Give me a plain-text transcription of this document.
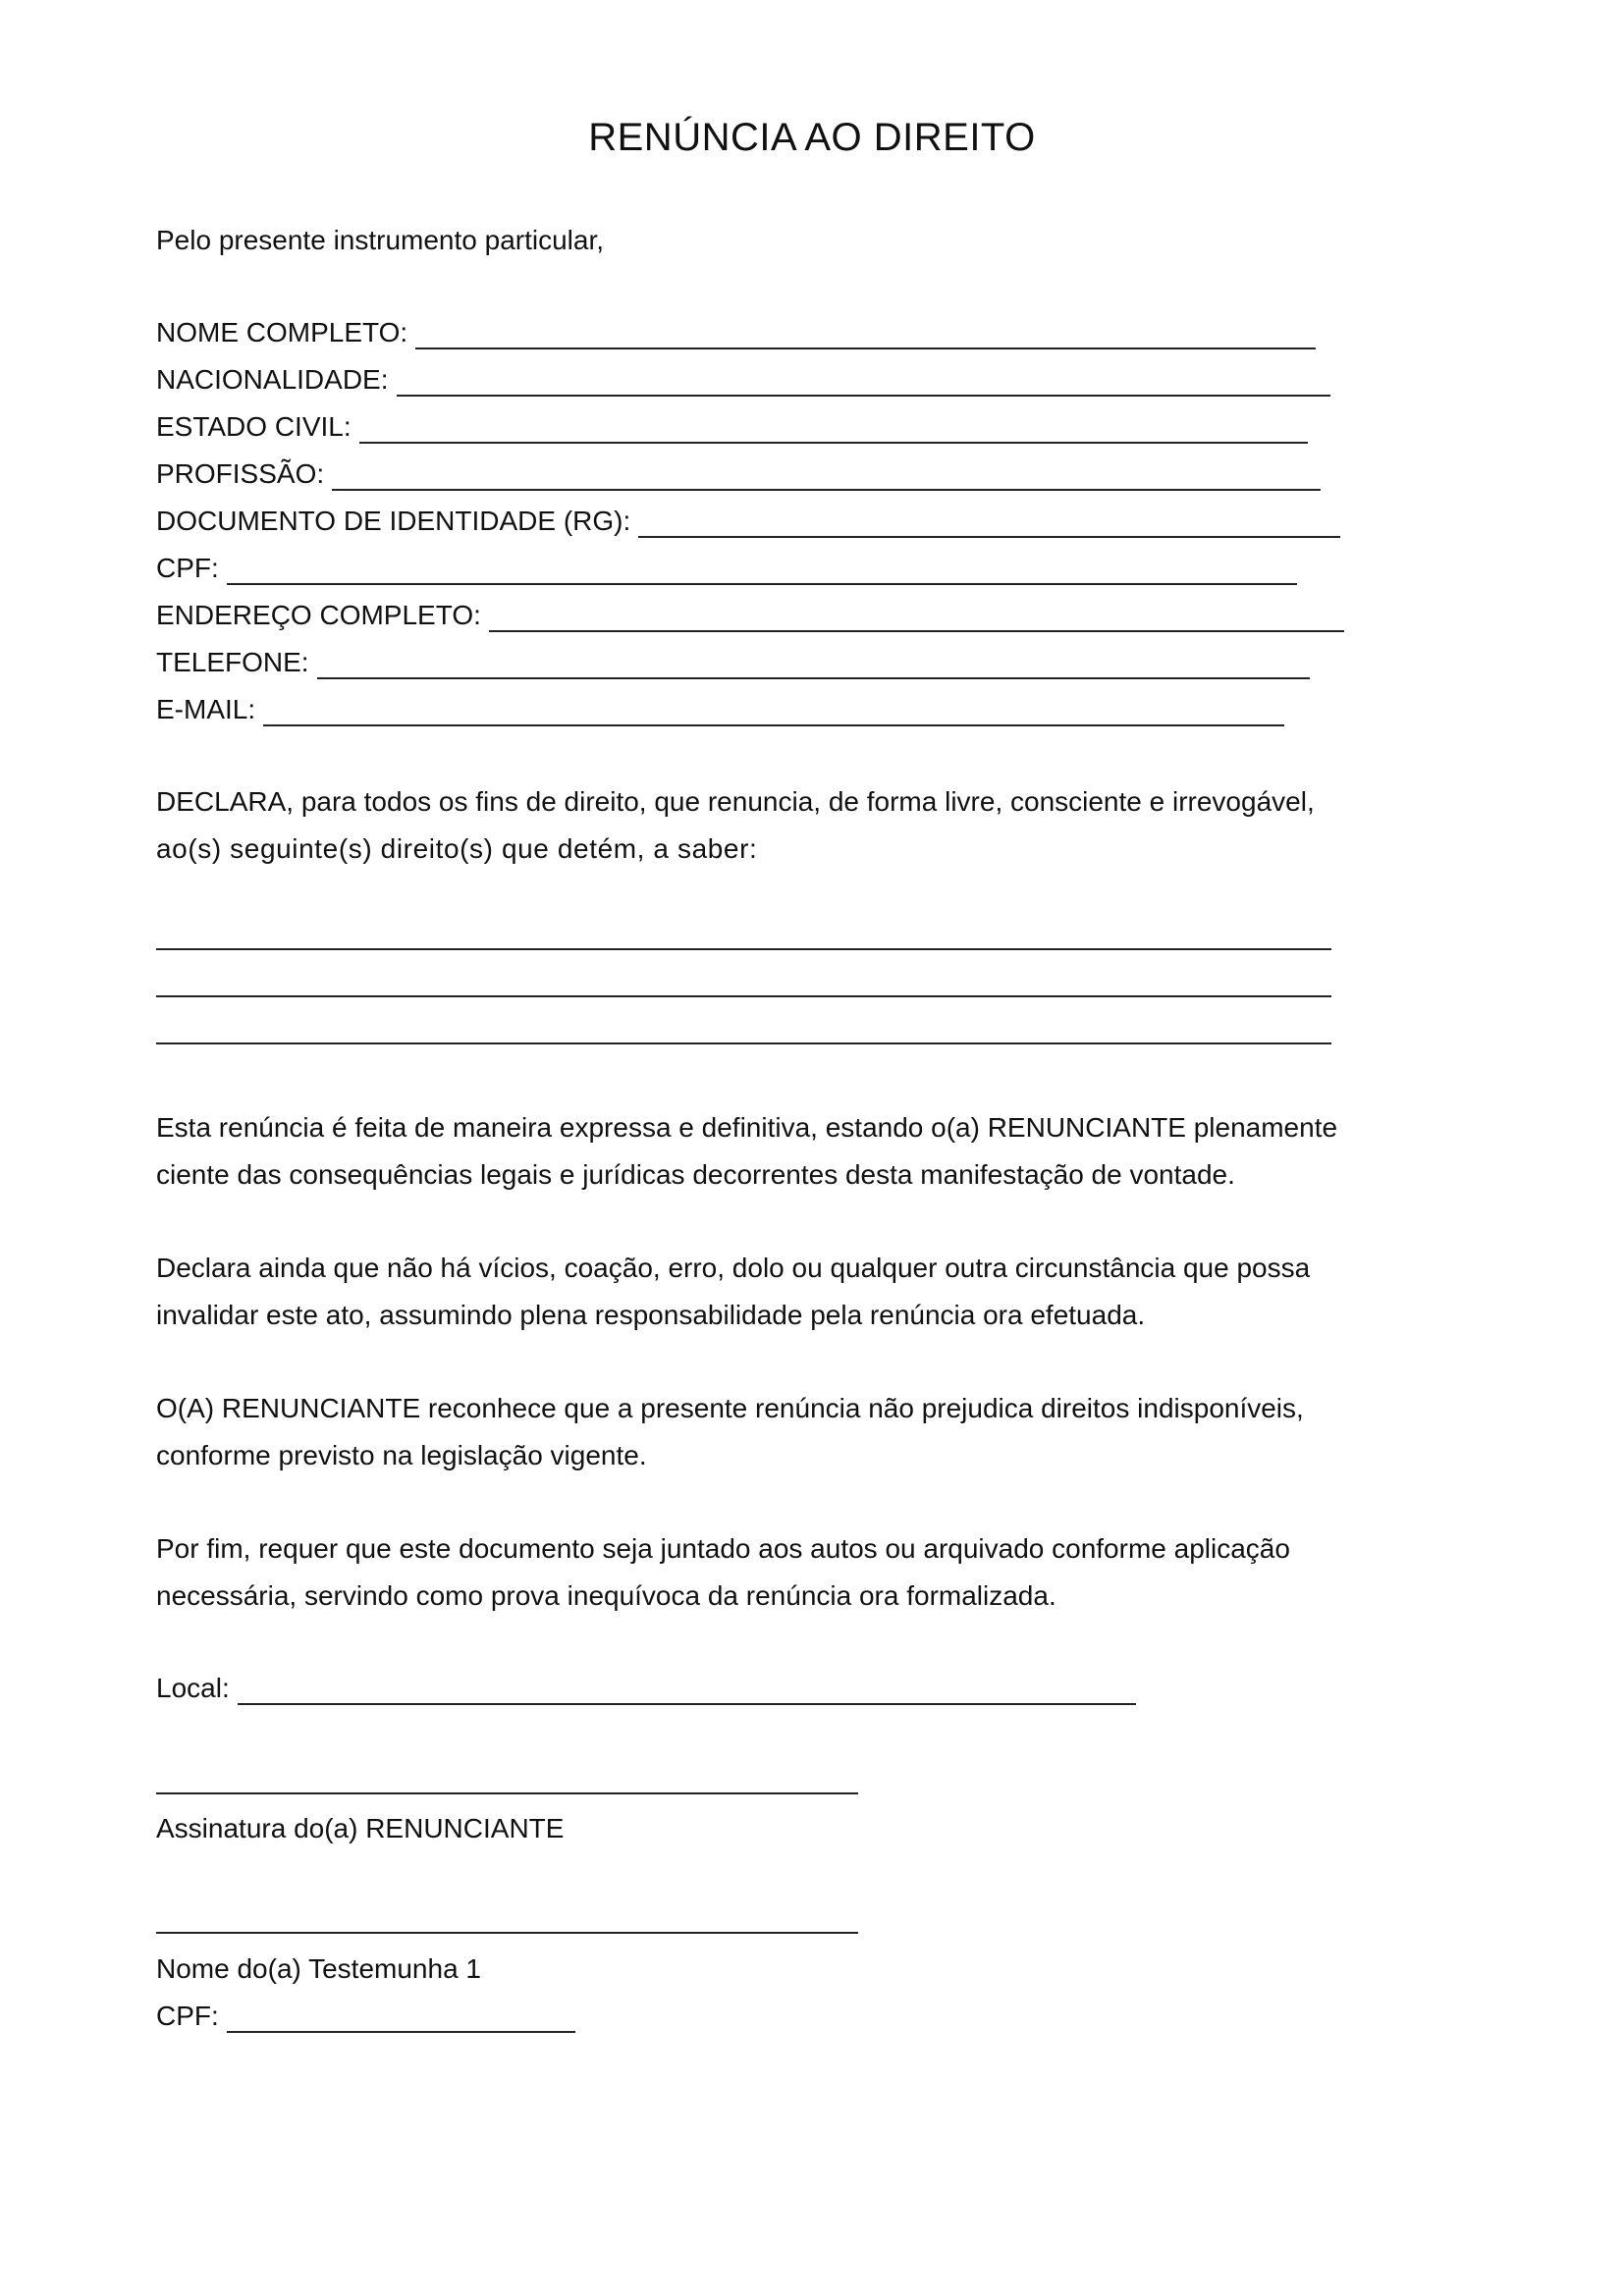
RENÚNCIA AO DIREITO
Pelo presente instrumento particular,
NOME COMPLETO:
NACIONALIDADE:
ESTADO CIVIL:
PROFISSÃO:
DOCUMENTO DE IDENTIDADE (RG):
CPF:
ENDEREÇO COMPLETO:
TELEFONE:
E-MAIL:
DECLARA, para todos os fins de direito, que renuncia, de forma livre, consciente e irrevogável,
ao(s) seguinte(s) direito(s) que detém, a saber:
Esta renúncia é feita de maneira expressa e definitiva, estando o(a) RENUNCIANTE plenamente
ciente das consequências legais e jurídicas decorrentes desta manifestação de vontade.
Declara ainda que não há vícios, coação, erro, dolo ou qualquer outra circunstância que possa
invalidar este ato, assumindo plena responsabilidade pela renúncia ora efetuada.
O(A) RENUNCIANTE reconhece que a presente renúncia não prejudica direitos indisponíveis,
conforme previsto na legislação vigente.
Por fim, requer que este documento seja juntado aos autos ou arquivado conforme aplicação
necessária, servindo como prova inequívoca da renúncia ora formalizada.
Local:
Assinatura do(a) RENUNCIANTE
Nome do(a) Testemunha 1
CPF:
